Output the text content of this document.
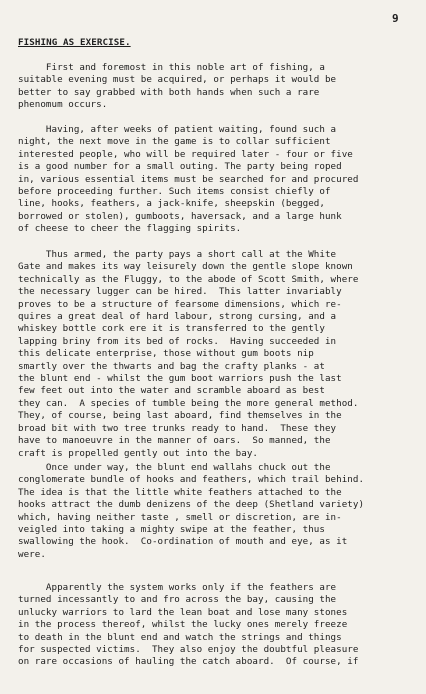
9
FISHING AS EXERCISE.

First and foremost in this noble art of fishing, a
suitable evening must be acquired, or perhaps it would be
better to say grabbed with both hands when such a rare
phenomum occurs.

Having, after weeks of patient waiting, found such a
night, the next move in the game is to collar sufficient
interested people, who will be required later - four or five
is a good number for a small outing. The party being roped
in, various essential items must be searched for and procured
before proceeding further. Such items consist chiefly of
line, hooks, feathers, a jack-knife, sheepskin (begged,
borrowed or stolen), gumboots, haversack, and a large hunk
of cheese to cheer the flagging spirits.

Thus armed, the party pays a short call at the White
Gate and makes its way leisurely down the gentle slope known
technically as the Fluggy, to the abode of Scott Smith, where
the necessary lugger can be hired.  This latter invariably
proves to be a structure of fearsome dimensions, which re-
quires a great deal of hard labour, strong cursing, and a
whiskey bottle cork ere it is transferred to the gently
lapping briny from its bed of rocks.  Having succeeded in
this delicate enterprise, those without gum boots nip
smartly over the thwarts and bag the crafty planks - at
the blunt end - whilst the gum boot warriors push the last
few feet out into the water and scramble aboard as best
they can.  A species of tumble being the more general method.
They, of course, being last aboard, find themselves in the
broad bit with two tree trunks ready to hand.  These they
have to manoeuvre in the manner of oars.  So manned, the
craft is propelled gently out into the bay.

Once under way, the blunt end wallahs chuck out the
conglomerate bundle of hooks and feathers, which trail behind.
The idea is that the little white feathers attached to the
hooks attract the dumb denizens of the deep (Shetland variety)
which, having neither taste , smell or discretion, are in-
veigled into taking a mighty swipe at the feather, thus
swallowing the hook.  Co-ordination of mouth and eye, as it
were.

Apparently the system works only if the feathers are
turned incessantly to and fro across the bay, causing the
unlucky warriors to lard the lean boat and lose many stones
in the process thereof, whilst the lucky ones merely freeze
to death in the blunt end and watch the strings and things
for suspected victims.  They also enjoy the doubtful pleasure
on rare occasions of hauling the catch aboard.  Of course, if
